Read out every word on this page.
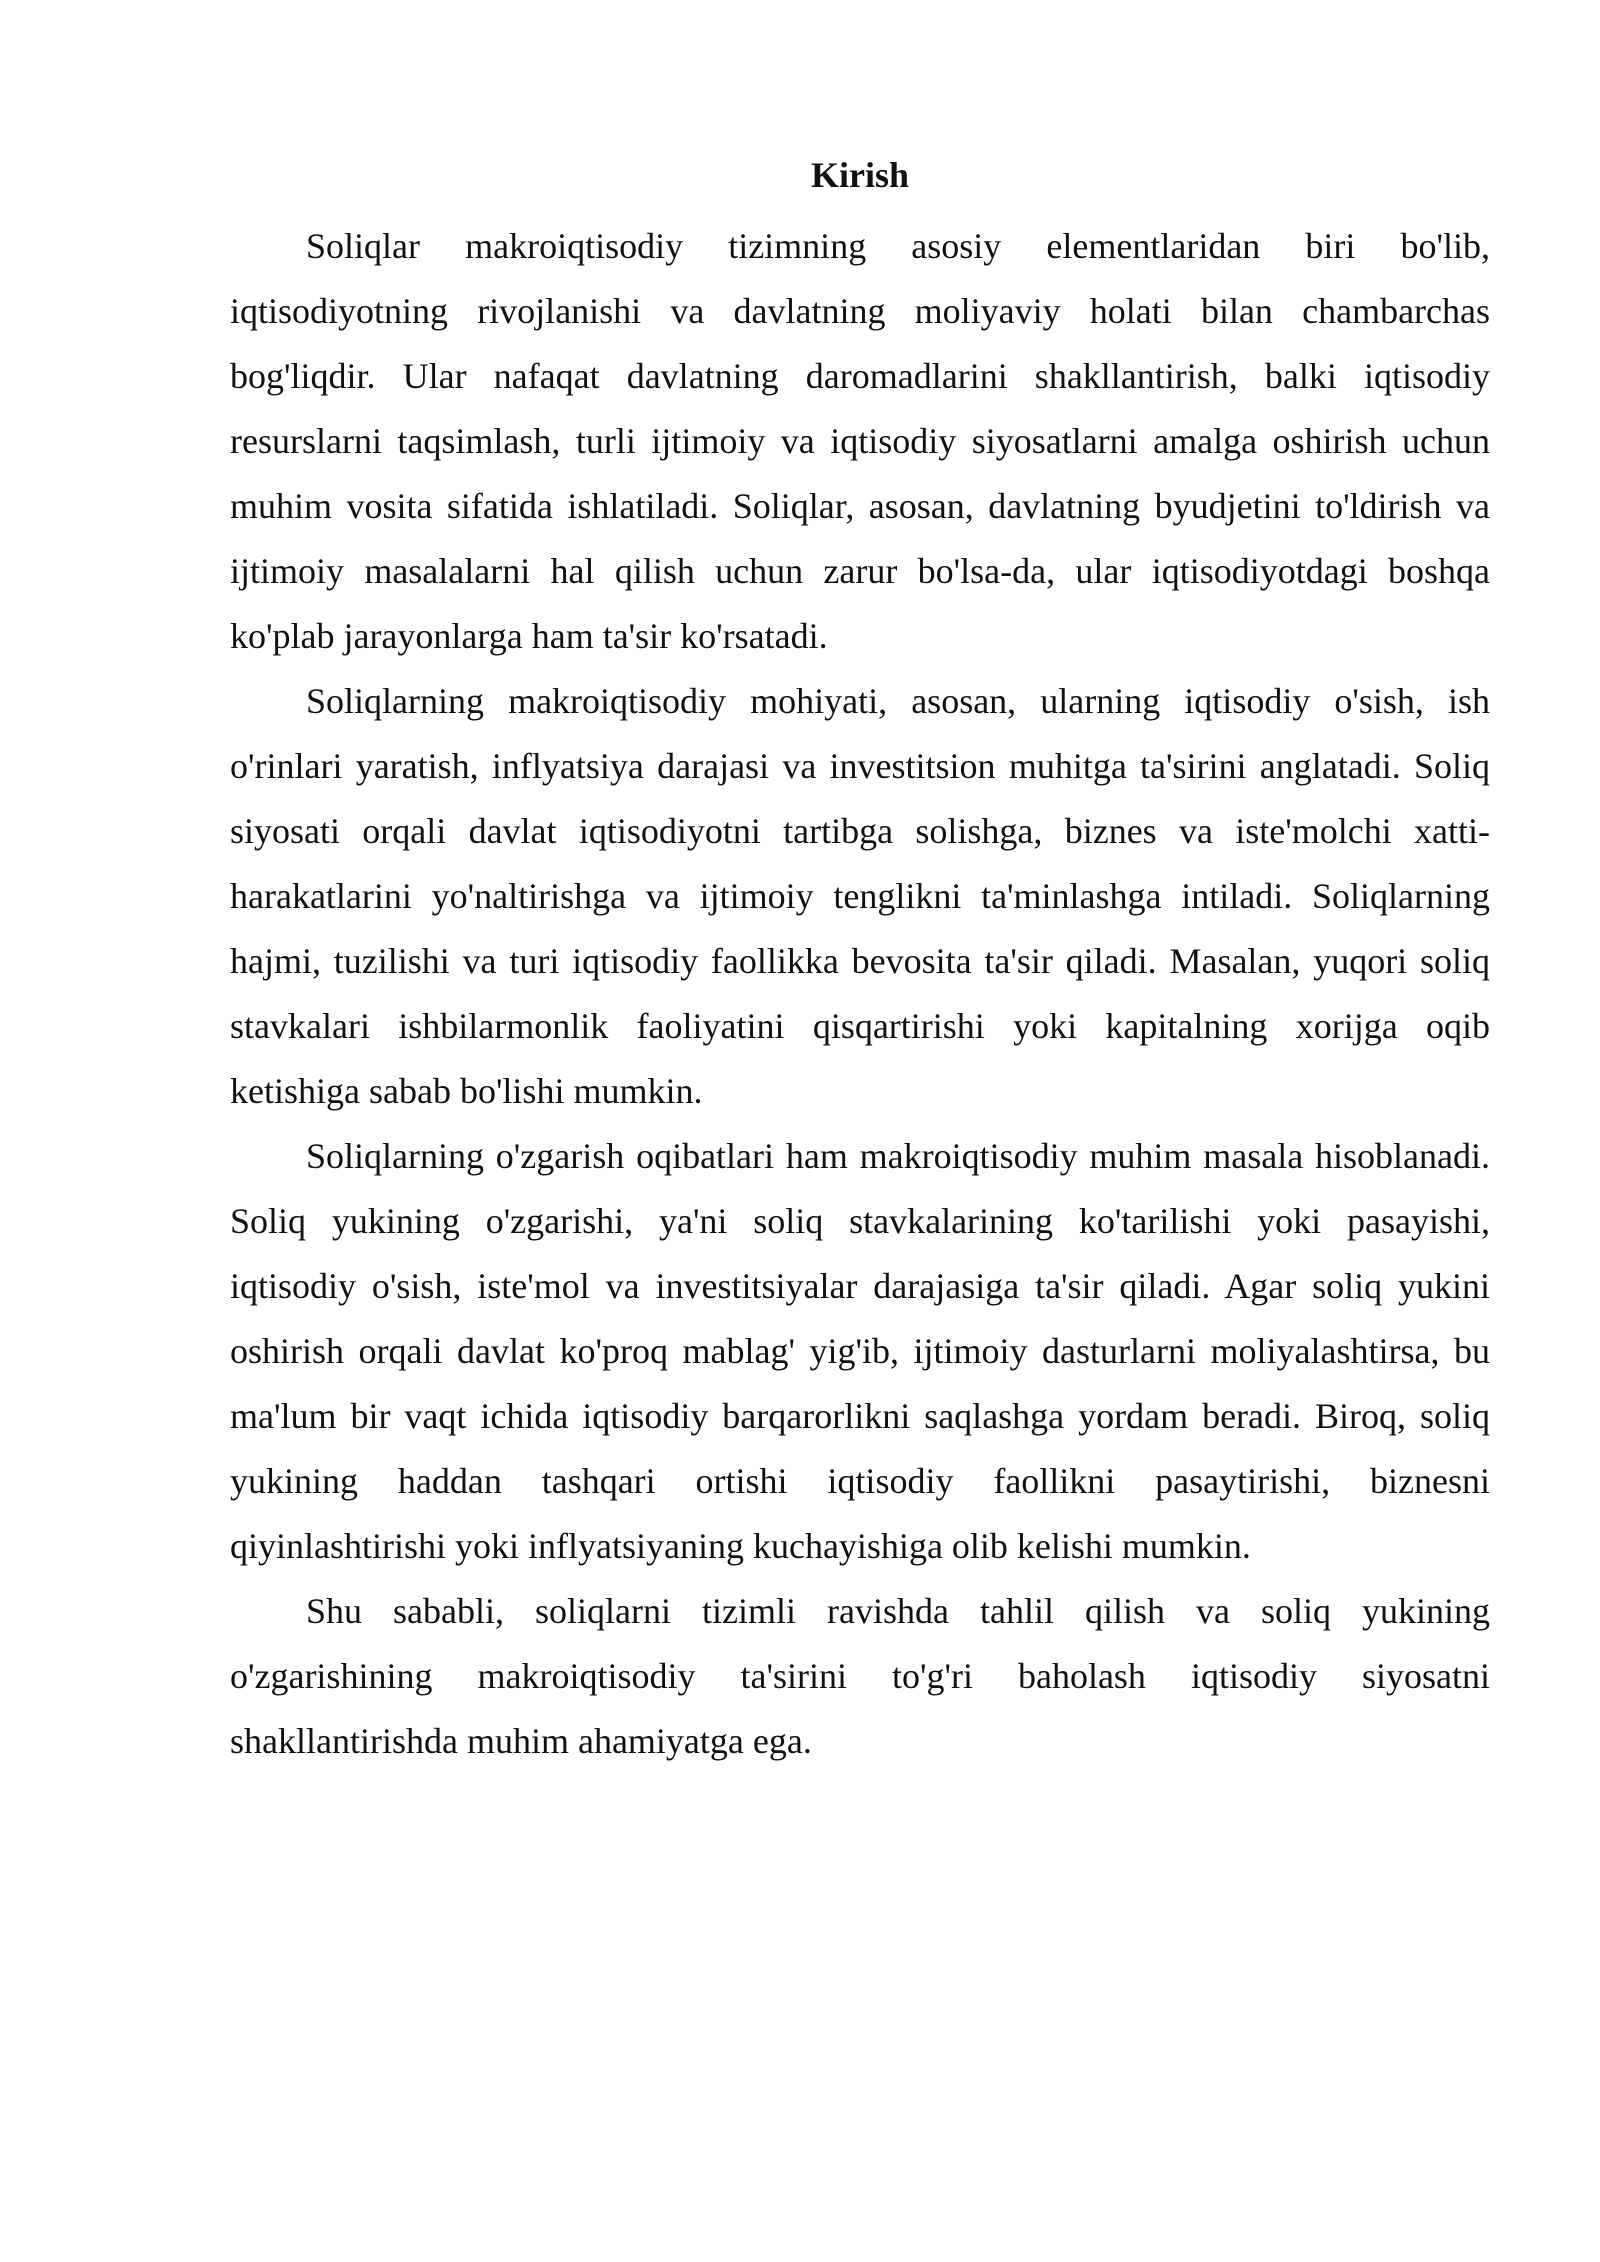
Kirish

Soliqlar makroiqtisodiy tizimning asosiy elementlaridan biri bo'lib, iqtisodiyotning rivojlanishi va davlatning moliyaviy holati bilan chambarchas bog'liqdir. Ular nafaqat davlatning daromadlarini shakllantirish, balki iqtisodiy resurslarni taqsimlash, turli ijtimoiy va iqtisodiy siyosatlarni amalga oshirish uchun muhim vosita sifatida ishlatiladi. Soliqlar, asosan, davlatning byudjetini to'ldirish va ijtimoiy masalalarni hal qilish uchun zarur bo'lsa-da, ular iqtisodiyotdagi boshqa ko'plab jarayonlarga ham ta'sir ko'rsatadi.

Soliqlarning makroiqtisodiy mohiyati, asosan, ularning iqtisodiy o'sish, ish o'rinlari yaratish, inflyatsiya darajasi va investitsion muhitga ta'sirini anglatadi. Soliq siyosati orqali davlat iqtisodiyotni tartibga solishga, biznes va iste'molchi xatti-harakatlarini yo'naltirishga va ijtimoiy tenglikni ta'minlashga intiladi. Soliqlarning hajmi, tuzilishi va turi iqtisodiy faollikka bevosita ta'sir qiladi. Masalan, yuqori soliq stavkalari ishbilarmonlik faoliyatini qisqartirishi yoki kapitalning xorijga oqib ketishiga sabab bo'lishi mumkin.

Soliqlarning o'zgarish oqibatlari ham makroiqtisodiy muhim masala hisoblanadi. Soliq yukining o'zgarishi, ya'ni soliq stavkalarining ko'tarilishi yoki pasayishi, iqtisodiy o'sish, iste'mol va investitsiyalar darajasiga ta'sir qiladi. Agar soliq yukini oshirish orqali davlat ko'proq mablag' yig'ib, ijtimoiy dasturlarni moliyalashtirsa, bu ma'lum bir vaqt ichida iqtisodiy barqarorlikni saqlashga yordam beradi. Biroq, soliq yukining haddan tashqari ortishi iqtisodiy faollikni pasaytirishi, biznesni qiyinlashtirishi yoki inflyatsiyaning kuchayishiga olib kelishi mumkin.

Shu sababli, soliqlarni tizimli ravishda tahlil qilish va soliq yukining o'zgarishining makroiqtisodiy ta'sirini to'g'ri baholash iqtisodiy siyosatni shakllantirishda muhim ahamiyatga ega.
